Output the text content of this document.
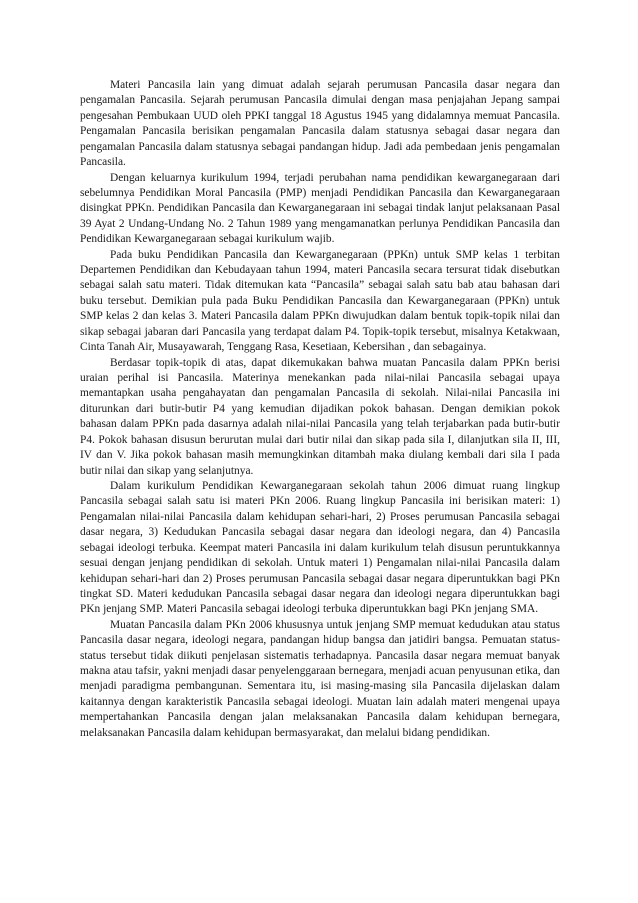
Materi Pancasila lain yang dimuat adalah sejarah perumusan Pancasila dasar negara dan pengamalan Pancasila. Sejarah perumusan Pancasila dimulai dengan masa penjajahan Jepang sampai pengesahan Pembukaan UUD oleh PPKI tanggal 18 Agustus 1945 yang didalamnya memuat Pancasila. Pengamalan Pancasila berisikan pengamalan Pancasila dalam statusnya sebagai dasar negara dan pengamalan Pancasila dalam statusnya sebagai pandangan hidup. Jadi ada pembedaan jenis pengamalan Pancasila.

Dengan keluarnya kurikulum 1994, terjadi perubahan nama pendidikan kewarganegaraan dari sebelumnya Pendidikan Moral Pancasila (PMP) menjadi Pendidikan Pancasila dan Kewarganegaraan disingkat PPKn. Pendidikan Pancasila dan Kewarganegaraan ini sebagai tindak lanjut pelaksanaan Pasal 39 Ayat 2 Undang-Undang No. 2 Tahun 1989 yang mengamanatkan perlunya Pendidikan Pancasila dan Pendidikan Kewarganegaraan sebagai kurikulum wajib.

Pada buku Pendidikan Pancasila dan Kewarganegaraan (PPKn) untuk SMP kelas 1 terbitan Departemen Pendidikan dan Kebudayaan tahun 1994, materi Pancasila secara tersurat tidak disebutkan sebagai salah satu materi. Tidak ditemukan kata “Pancasila” sebagai salah satu bab atau bahasan dari buku tersebut. Demikian pula pada Buku Pendidikan Pancasila dan Kewarganegaraan (PPKn) untuk SMP kelas 2 dan kelas 3. Materi Pancasila dalam PPKn diwujudkan dalam bentuk topik-topik nilai dan sikap sebagai jabaran dari Pancasila yang terdapat dalam P4. Topik-topik tersebut, misalnya Ketakwaan, Cinta Tanah Air, Musayawarah, Tenggang Rasa, Kesetiaan, Kebersihan , dan sebagainya.

Berdasar topik-topik di atas, dapat dikemukakan bahwa muatan Pancasila dalam PPKn berisi uraian perihal isi Pancasila. Materinya menekankan pada nilai-nilai Pancasila sebagai upaya memantapkan usaha pengahayatan dan pengamalan Pancasila di sekolah. Nilai-nilai Pancasila ini diturunkan dari butir-butir P4 yang kemudian dijadikan pokok bahasan. Dengan demikian pokok bahasan dalam PPKn pada dasarnya adalah nilai-nilai Pancasila yang telah terjabarkan pada butir-butir P4. Pokok bahasan disusun berurutan mulai dari butir nilai dan sikap pada sila I, dilanjutkan sila II, III, IV dan V. Jika pokok bahasan masih memungkinkan ditambah maka diulang kembali dari sila I pada butir nilai dan sikap yang selanjutnya.

Dalam kurikulum Pendidikan Kewarganegaraan sekolah tahun 2006 dimuat ruang lingkup Pancasila sebagai salah satu isi materi PKn 2006. Ruang lingkup Pancasila ini berisikan materi: 1) Pengamalan nilai-nilai Pancasila dalam kehidupan sehari-hari, 2) Proses perumusan Pancasila sebagai dasar negara, 3) Kedudukan Pancasila sebagai dasar negara dan ideologi negara, dan 4) Pancasila sebagai ideologi terbuka. Keempat materi Pancasila ini dalam kurikulum telah disusun peruntukkannya sesuai dengan jenjang pendidikan di sekolah. Untuk materi 1) Pengamalan nilai-nilai Pancasila dalam kehidupan sehari-hari dan 2) Proses perumusan Pancasila sebagai dasar negara diperuntukkan bagi PKn tingkat SD. Materi kedudukan Pancasila sebagai dasar negara dan ideologi negara diperuntukkan bagi PKn jenjang SMP. Materi Pancasila sebagai ideologi terbuka diperuntukkan bagi PKn jenjang SMA.

Muatan Pancasila dalam PKn 2006 khususnya untuk jenjang SMP memuat kedudukan atau status Pancasila dasar negara, ideologi negara, pandangan hidup bangsa dan jatidiri bangsa. Pemuatan status-status tersebut tidak diikuti penjelasan sistematis terhadapnya. Pancasila dasar negara memuat banyak makna atau tafsir, yakni menjadi dasar penyelenggaraan bernegara, menjadi acuan penyusunan etika, dan menjadi paradigma pembangunan. Sementara itu, isi masing-masing sila Pancasila dijelaskan dalam kaitannya dengan karakteristik Pancasila sebagai ideologi. Muatan lain adalah materi mengenai upaya mempertahankan Pancasila dengan jalan melaksanakan Pancasila dalam kehidupan bernegara, melaksanakan Pancasila dalam kehidupan bermasyarakat, dan melalui bidang pendidikan.
